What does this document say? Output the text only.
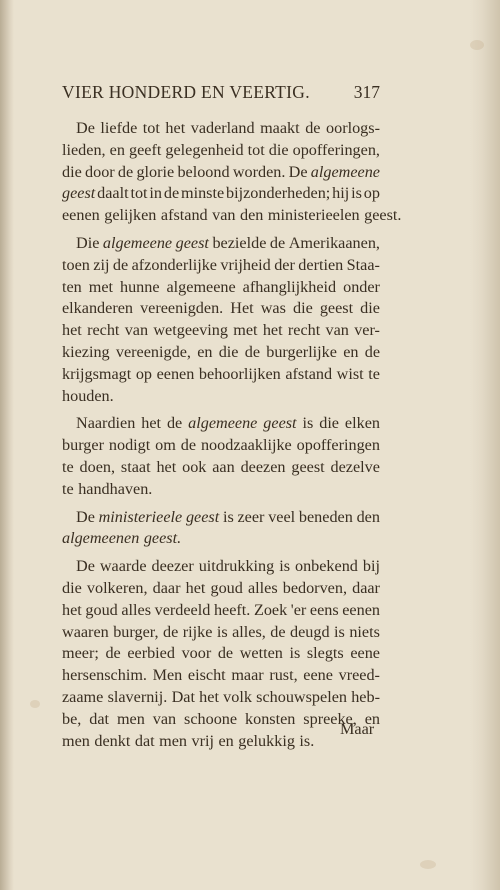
VIER HONDERD EN VEERTIG.	317
De liefde tot het vaderland maakt de oorlogs-
lieden, en geeft gelegenheid tot die opofferingen,
die door de glorie beloond worden. De algemeene
geest daalt tot in de minste bijzonderheden; hij is op
eenen gelijken afstand van den ministerieelen geest.
Die algemeene geest bezielde de Amerikaanen,
toen zij de afzonderlijke vrijheid der dertien Staa-
ten met hunne algemeene afhanglijkheid onder
elkanderen vereenigden. Het was die geest die
het recht van wetgeeving met het recht van ver-
kiezing vereenigde, en die de burgerlijke en de
krijgsmagt op eenen behoorlijken afstand wist te
houden.
Naardien het de algemeene geest is die elken
burger nodigt om de noodzaaklijke opofferingen
te doen, staat het ook aan deezen geest dezelve
te handhaven.
De ministerieele geest is zeer veel beneden den
algemeenen geest.
De waarde deezer uitdrukking is onbekend bij
die volkeren, daar het goud alles bedorven, daar
het goud alles verdeeld heeft. Zoek 'er eens eenen
waaren burger, de rijke is alles, de deugd is niets
meer; de eerbied voor de wetten is slegts eene
hersenschim. Men eischt maar rust, eene vreed-
zaame slavernij. Dat het volk schouwspelen heb-
be, dat men van schoone konsten spreeke, en
men denkt dat men vrij en gelukkig is.
Maar
